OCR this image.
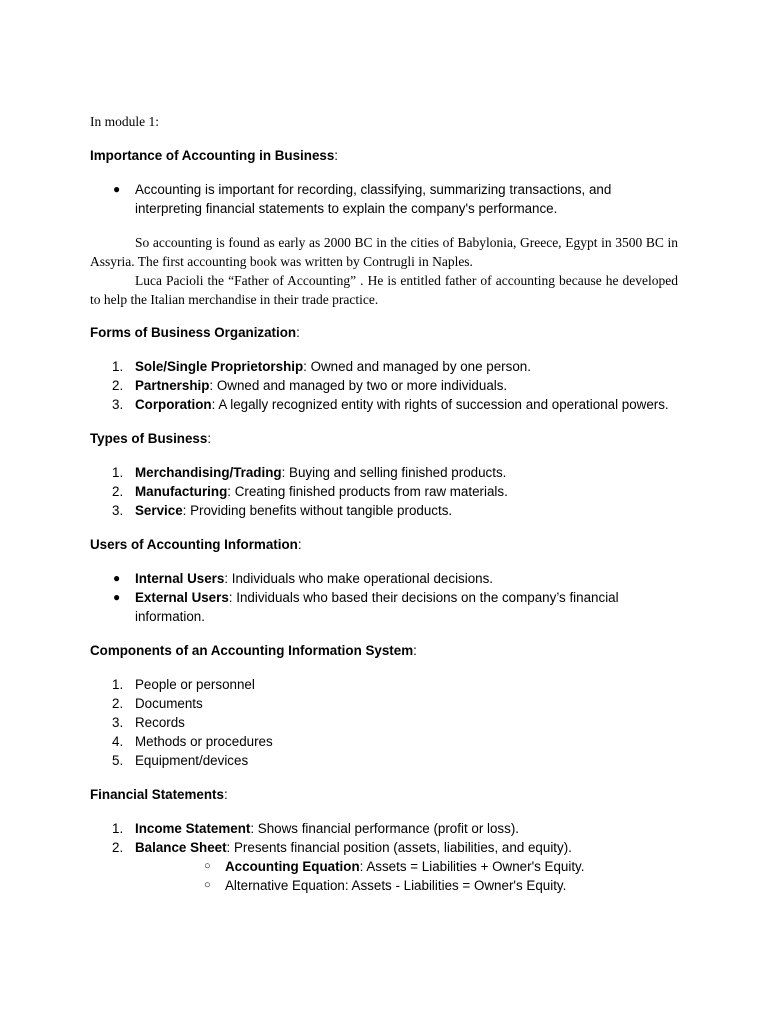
In module 1:
Importance of Accounting in Business:
● Accounting is important for recording, classifying, summarizing transactions, and interpreting financial statements to explain the company's performance.

So accounting is found as early as 2000 BC in the cities of Babylonia, Greece, Egypt in 3500 BC in Assyria. The first accounting book was written by Contrugli in Naples.

Luca Pacioli the “Father of Accounting” . He is entitled father of accounting because he developed to help the Italian merchandise in their trade practice.

Forms of Business Organization:
1. Sole/Single Proprietorship: Owned and managed by one person.
2. Partnership: Owned and managed by two or more individuals.
3. Corporation: A legally recognized entity with rights of succession and operational powers.
Types of Business:
1. Merchandising/Trading: Buying and selling finished products.
2. Manufacturing: Creating finished products from raw materials.
3. Service: Providing benefits without tangible products.
Users of Accounting Information:
● Internal Users: Individuals who make operational decisions.
● External Users: Individuals who based their decisions on the company’s financial information.
Components of an Accounting Information System:
1. People or personnel
2. Documents
3. Records
4. Methods or procedures
5. Equipment/devices
Financial Statements:
1. Income Statement: Shows financial performance (profit or loss).
2. Balance Sheet: Presents financial position (assets, liabilities, and equity).
○ Accounting Equation: Assets = Liabilities + Owner's Equity.
○ Alternative Equation: Assets - Liabilities = Owner's Equity.
